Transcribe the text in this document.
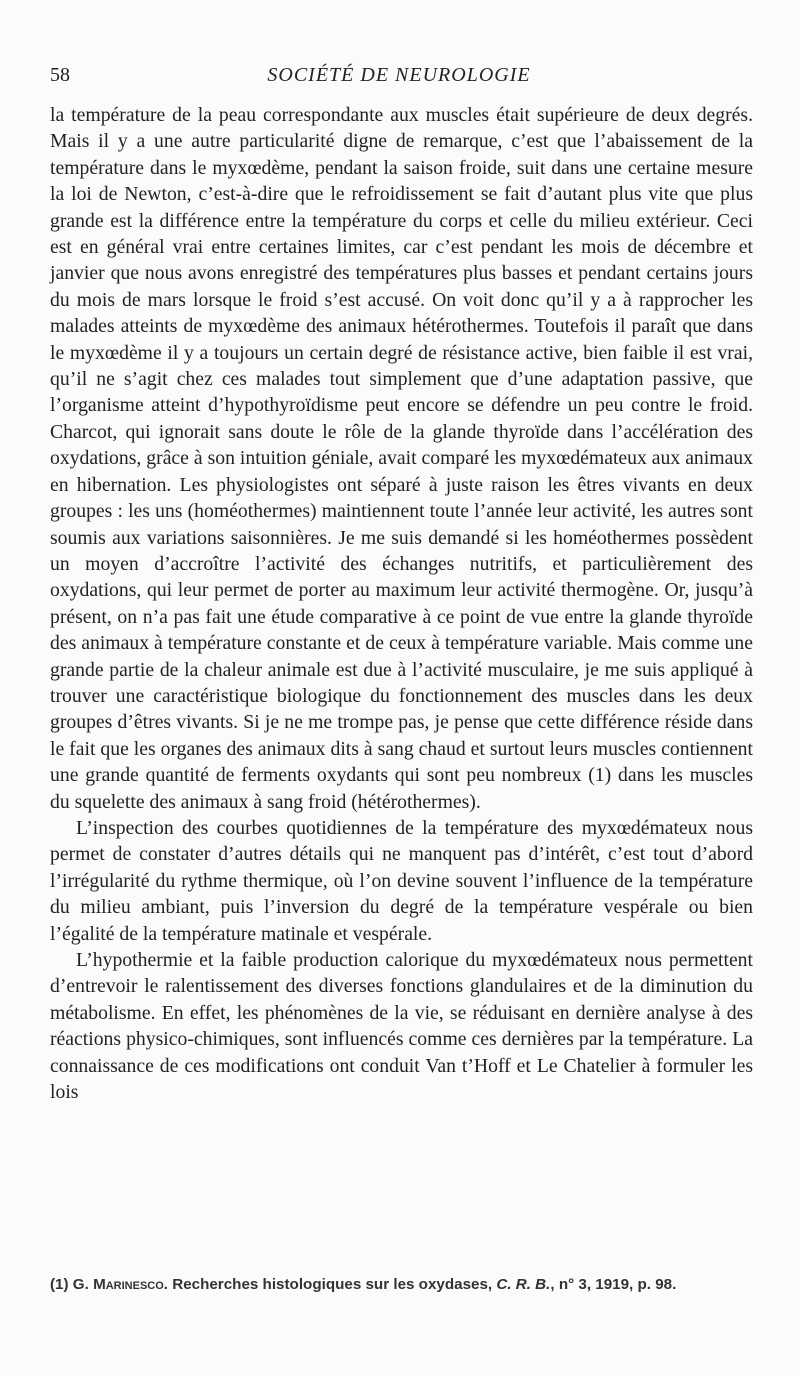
58	SOCIÉTÉ DE NEUROLOGIE

la température de la peau correspondante aux muscles était supérieure de deux degrés. Mais il y a une autre particularité digne de remarque, c’est que l’abaissement de la température dans le myxœdème, pendant la saison froide, suit dans une certaine mesure la loi de Newton, c’est-à-dire que le refroidissement se fait d’autant plus vite que plus grande est la différence entre la température du corps et celle du milieu extérieur. Ceci est en général vrai entre certaines limites, car c’est pendant les mois de décembre et janvier que nous avons enregistré des températures plus basses et pendant certains jours du mois de mars lorsque le froid s’est accusé. On voit donc qu’il y a à rapprocher les malades atteints de myxœdème des animaux hétérothermes. Toutefois il paraît que dans le myxœdème il y a toujours un certain degré de résistance active, bien faible il est vrai, qu’il ne s’agit chez ces malades tout simplement que d’une adaptation passive, que l’organisme atteint d’hypothyroïdisme peut encore se défendre un peu contre le froid. Charcot, qui ignorait sans doute le rôle de la glande thyroïde dans l’accélération des oxydations, grâce à son intuition géniale, avait comparé les myxœdémateux aux animaux en hibernation. Les physiologistes ont séparé à juste raison les êtres vivants en deux groupes : les uns (homéothermes) maintiennent toute l’année leur activité, les autres sont soumis aux variations saisonnières. Je me suis demandé si les homéothermes possèdent un moyen d’accroître l’activité des échanges nutritifs, et particulièrement des oxydations, qui leur permet de porter au maximum leur activité thermogène. Or, jusqu’à présent, on n’a pas fait une étude comparative à ce point de vue entre la glande thyroïde des animaux à température constante et de ceux à température variable. Mais comme une grande partie de la chaleur animale est due à l’activité musculaire, je me suis appliqué à trouver une caractéristique biologique du fonctionnement des muscles dans les deux groupes d’êtres vivants. Si je ne me trompe pas, je pense que cette différence réside dans le fait que les organes des animaux dits à sang chaud et surtout leurs muscles contiennent une grande quantité de ferments oxydants qui sont peu nombreux (1) dans les muscles du squelette des animaux à sang froid (hétérothermes).

L’inspection des courbes quotidiennes de la température des myxœdémateux nous permet de constater d’autres détails qui ne manquent pas d’intérêt, c’est tout d’abord l’irrégularité du rythme thermique, où l’on devine souvent l’influence de la température du milieu ambiant, puis l’inversion du degré de la température vespérale ou bien l’égalité de la température matinale et vespérale.

L’hypothermie et la faible production calorique du myxœdémateux nous permettent d’entrevoir le ralentissement des diverses fonctions glandulaires et de la diminution du métabolisme. En effet, les phénomènes de la vie, se réduisant en dernière analyse à des réactions physico-chimiques, sont influencés comme ces dernières par la température. La connaissance de ces modifications ont conduit Van t’Hoff et Le Chatelier à formuler les lois

(1) G. Marinesco. Recherches histologiques sur les oxydases, C. R. B., n° 3, 1919, p. 98.
